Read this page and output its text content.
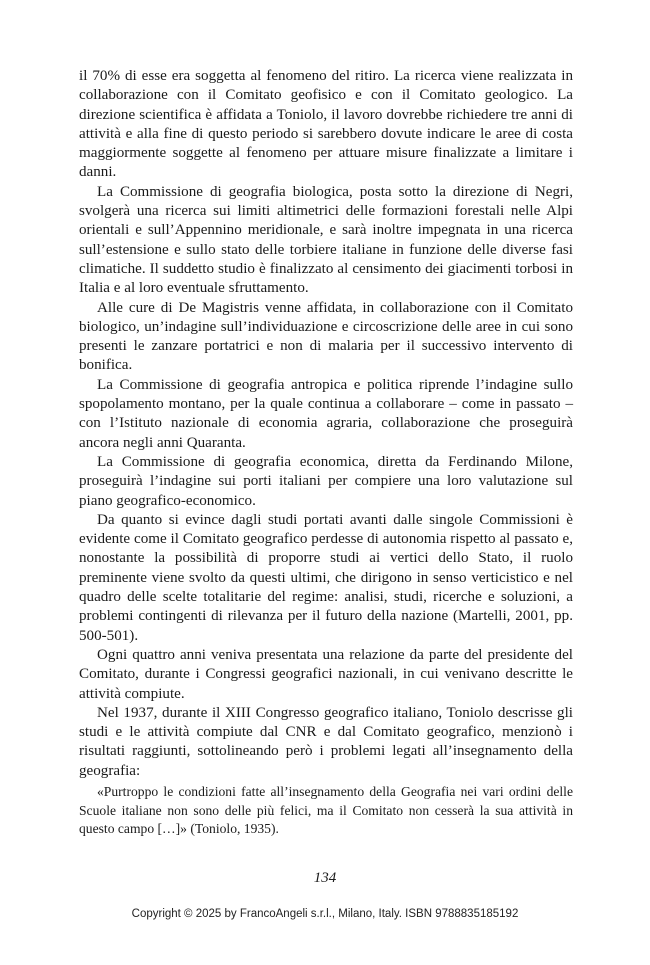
il 70% di esse era soggetta al fenomeno del ritiro. La ricerca viene realizzata in collaborazione con il Comitato geofisico e con il Comitato geologico. La direzione scientifica è affidata a Toniolo, il lavoro dovrebbe richiedere tre anni di attività e alla fine di questo periodo si sarebbero dovute indicare le aree di costa maggiormente soggette al fenomeno per attuare misure finalizzate a limitare i danni.

La Commissione di geografia biologica, posta sotto la direzione di Negri, svolgerà una ricerca sui limiti altimetrici delle formazioni forestali nelle Alpi orientali e sull’Appennino meridionale, e sarà inoltre impegnata in una ricerca sull’estensione e sullo stato delle torbiere italiane in funzione delle diverse fasi climatiche. Il suddetto studio è finalizzato al censimento dei giacimenti torbosi in Italia e al loro eventuale sfruttamento.

Alle cure di De Magistris venne affidata, in collaborazione con il Comitato biologico, un’indagine sull’individuazione e circoscrizione delle aree in cui sono presenti le zanzare portatrici e non di malaria per il successivo intervento di bonifica.

La Commissione di geografia antropica e politica riprende l’indagine sullo spopolamento montano, per la quale continua a collaborare – come in passato – con l’Istituto nazionale di economia agraria, collaborazione che proseguirà ancora negli anni Quaranta.

La Commissione di geografia economica, diretta da Ferdinando Milone, proseguirà l’indagine sui porti italiani per compiere una loro valutazione sul piano geografico-economico.

Da quanto si evince dagli studi portati avanti dalle singole Commissioni è evidente come il Comitato geografico perdesse di autonomia rispetto al passato e, nonostante la possibilità di proporre studi ai vertici dello Stato, il ruolo preminente viene svolto da questi ultimi, che dirigono in senso verticistico e nel quadro delle scelte totalitarie del regime: analisi, studi, ricerche e soluzioni, a problemi contingenti di rilevanza per il futuro della nazione (Martelli, 2001, pp. 500-501).

Ogni quattro anni veniva presentata una relazione da parte del presidente del Comitato, durante i Congressi geografici nazionali, in cui venivano descritte le attività compiute.

Nel 1937, durante il XIII Congresso geografico italiano, Toniolo descrisse gli studi e le attività compiute dal CNR e dal Comitato geografico, menzionò i risultati raggiunti, sottolineando però i problemi legati all’insegnamento della geografia:

«Purtroppo le condizioni fatte all’insegnamento della Geografia nei vari ordini delle Scuole italiane non sono delle più felici, ma il Comitato non cesserà la sua attività in questo campo […]» (Toniolo, 1935).

134
Copyright © 2025 by FrancoAngeli s.r.l., Milano, Italy. ISBN 9788835185192
